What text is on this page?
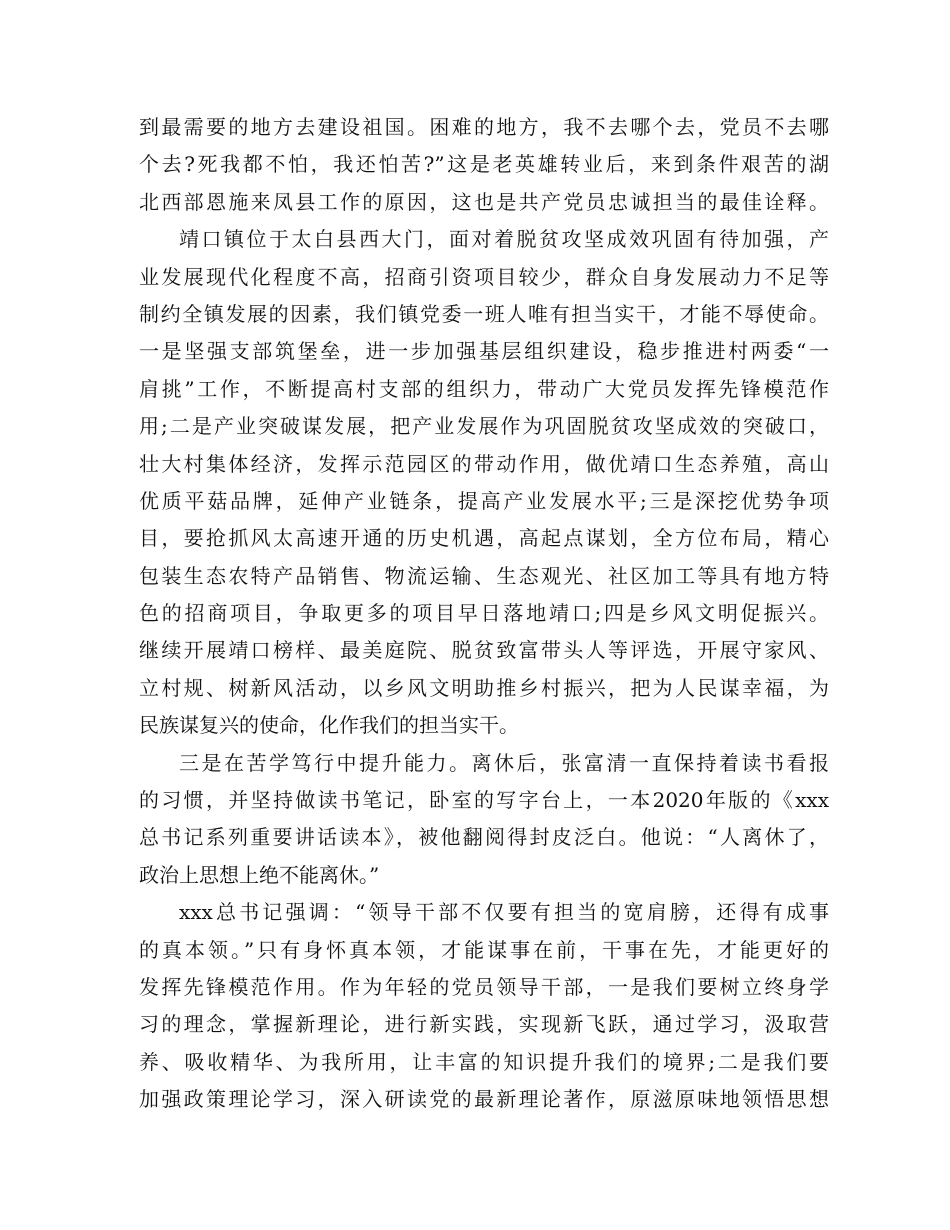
到最需要的地方去建设祖国。困难的地方，我不去哪个去，党员不去哪
个去?死我都不怕，我还怕苦?”这是老英雄转业后，来到条件艰苦的湖
北西部恩施来凤县工作的原因，这也是共产党员忠诚担当的最佳诠释。
靖口镇位于太白县西大门，面对着脱贫攻坚成效巩固有待加强，产
业发展现代化程度不高，招商引资项目较少，群众自身发展动力不足等
制约全镇发展的因素，我们镇党委一班人唯有担当实干，才能不辱使命。
一是坚强支部筑堡垒，进一步加强基层组织建设，稳步推进村两委“一
肩挑”工作，不断提高村支部的组织力，带动广大党员发挥先锋模范作
用;二是产业突破谋发展，把产业发展作为巩固脱贫攻坚成效的突破口，
壮大村集体经济，发挥示范园区的带动作用，做优靖口生态养殖，高山
优质平菇品牌，延伸产业链条，提高产业发展水平;三是深挖优势争项
目，要抢抓风太高速开通的历史机遇，高起点谋划，全方位布局，精心
包装生态农特产品销售、物流运输、生态观光、社区加工等具有地方特
色的招商项目，争取更多的项目早日落地靖口;四是乡风文明促振兴。
继续开展靖口榜样、最美庭院、脱贫致富带头人等评选，开展守家风、
立村规、树新风活动，以乡风文明助推乡村振兴，把为人民谋幸福，为
民族谋复兴的使命，化作我们的担当实干。
三是在苦学笃行中提升能力。离休后，张富清一直保持着读书看报
的习惯，并坚持做读书笔记，卧室的写字台上，一本2020年版的《xxx
总书记系列重要讲话读本》，被他翻阅得封皮泛白。他说：“人离休了，
政治上思想上绝不能离休。”
xxx总书记强调：“领导干部不仅要有担当的宽肩膀，还得有成事
的真本领。”只有身怀真本领，才能谋事在前，干事在先，才能更好的
发挥先锋模范作用。作为年轻的党员领导干部，一是我们要树立终身学
习的理念，掌握新理论，进行新实践，实现新飞跃，通过学习，汲取营
养、吸收精华、为我所用，让丰富的知识提升我们的境界;二是我们要
加强政策理论学习，深入研读党的最新理论著作，原滋原味地领悟思想
